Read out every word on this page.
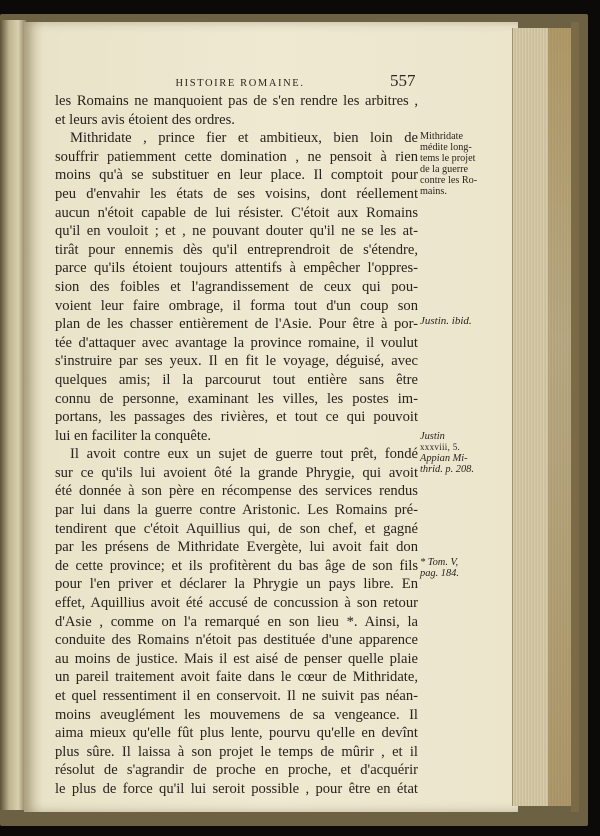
HISTOIRE ROMAINE.	557
les Romains ne manquoient pas de s'en rendre les arbitres ,
et leurs avis étoient des ordres.
Mithridate , prince fier et ambitieux, bien loin de
souffrir patiemment cette domination , ne pensoit à rien
moins qu'à se substituer en leur place. Il comptoit pour
peu d'envahir les états de ses voisins, dont réellement
aucun n'étoit capable de lui résister. C'étoit aux Romains
qu'il en vouloit ; et , ne pouvant douter qu'il ne se les at-
tirât pour ennemis dès qu'il entreprendroit de s'étendre,
parce qu'ils étoient toujours attentifs à empêcher l'oppres-
sion des foibles et l'agrandissement de ceux qui pou-
voient leur faire ombrage, il forma tout d'un coup son
plan de les chasser entièrement de l'Asie. Pour être à por-
tée d'attaquer avec avantage la province romaine, il voulut
s'instruire par ses yeux. Il en fit le voyage, déguisé, avec
quelques amis; il la parcourut tout entière sans être
connu de personne, examinant les villes, les postes im-
portans, les passages des rivières, et tout ce qui pouvoit
lui en faciliter la conquête.
Il avoit contre eux un sujet de guerre tout prêt, fondé
sur ce qu'ils lui avoient ôté la grande Phrygie, qui avoit
été donnée à son père en récompense des services rendus
par lui dans la guerre contre Aristonic. Les Romains pré-
tendirent que c'étoit Aquillius qui, de son chef, et gagné
par les présens de Mithridate Evergète, lui avoit fait don
de cette province; et ils profitèrent du bas âge de son fils
pour l'en priver et déclarer la Phrygie un pays libre. En
effet, Aquillius avoit été accusé de concussion à son retour
d'Asie , comme on l'a remarqué en son lieu *. Ainsi, la
conduite des Romains n'étoit pas destituée d'une apparence
au moins de justice. Mais il est aisé de penser quelle plaie
un pareil traitement avoit faite dans le cœur de Mithridate,
et quel ressentiment il en conservoit. Il ne suivit pas néan-
moins aveuglément les mouvemens de sa vengeance. Il
aima mieux qu'elle fût plus lente, pourvu qu'elle en devînt
plus sûre. Il laissa à son projet le temps de mûrir , et il
résolut de s'agrandir de proche en proche, et d'acquérir
le plus de force qu'il lui seroit possible , pour être en état
Mithridate
médite long-
tems le projet
de la guerre
contre les Ro-
mains.
Justin. ibid.
Justin
xxxviii, 5.
Appian Mi-
thrid. p. 208.
* Tom. V,
pag. 184.
